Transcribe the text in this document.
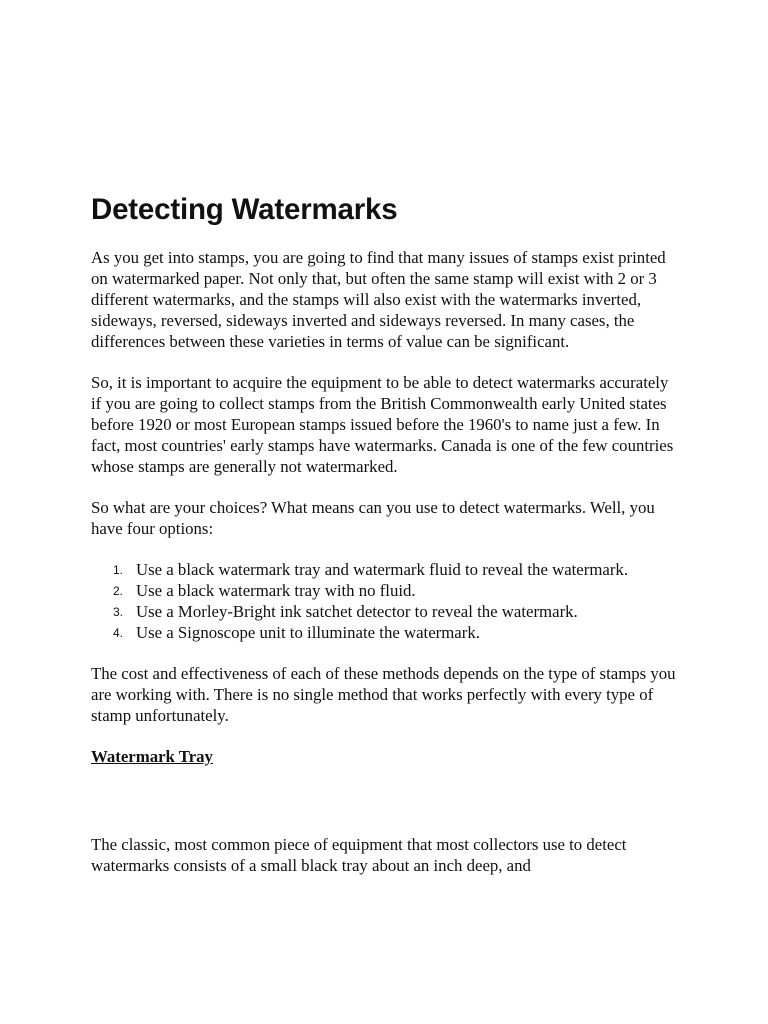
Detecting Watermarks

As you get into stamps, you are going to find that many issues of stamps exist printed on watermarked paper. Not only that, but often the same stamp will exist with 2 or 3 different watermarks, and the stamps will also exist with the watermarks inverted, sideways, reversed, sideways inverted and sideways reversed. In many cases, the differences between these varieties in terms of value can be significant.

So, it is important to acquire the equipment to be able to detect watermarks accurately if you are going to collect stamps from the British Commonwealth early United states before 1920 or most European stamps issued before the 1960's to name just a few. In fact, most countries' early stamps have watermarks. Canada is one of the few countries whose stamps are generally not watermarked.

So what are your choices? What means can you use to detect watermarks. Well, you have four options:

1. Use a black watermark tray and watermark fluid to reveal the watermark.
2. Use a black watermark tray with no fluid.
3. Use a Morley-Bright ink satchet detector to reveal the watermark.
4. Use a Signoscope unit to illuminate the watermark.

The cost and effectiveness of each of these methods depends on the type of stamps you are working with. There is no single method that works perfectly with every type of stamp unfortunately.

Watermark Tray

The classic, most common piece of equipment that most collectors use to detect watermarks consists of a small black tray about an inch deep, and
